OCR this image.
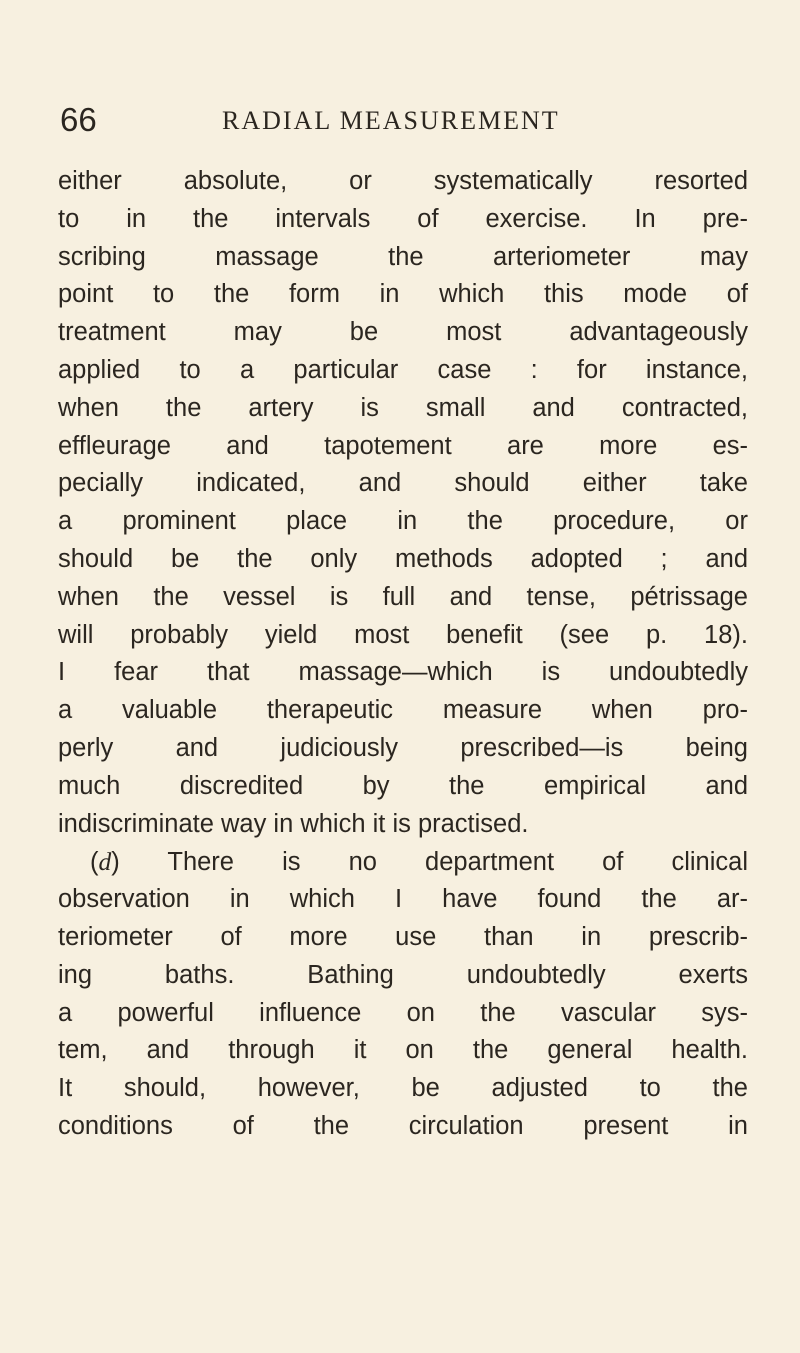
66	RADIAL MEASUREMENT
either absolute, or systematically resorted
to in the intervals of exercise. In pre-
scribing massage the arteriometer may
point to the form in which this mode of
treatment may be most advantageously
applied to a particular case : for instance,
when the artery is small and contracted,
effleurage and tapotement are more es-
pecially indicated, and should either take
a prominent place in the procedure, or
should be the only methods adopted ; and
when the vessel is full and tense, pétrissage
will probably yield most benefit (see p. 18).
I fear that massage—which is undoubtedly
a valuable therapeutic measure when pro-
perly and judiciously prescribed—is being
much discredited by the empirical and
indiscriminate way in which it is practised.
(d) There is no department of clinical
observation in which I have found the ar-
teriometer of more use than in prescrib-
ing baths. Bathing undoubtedly exerts
a powerful influence on the vascular sys-
tem, and through it on the general health.
It should, however, be adjusted to the
conditions of the circulation present in
